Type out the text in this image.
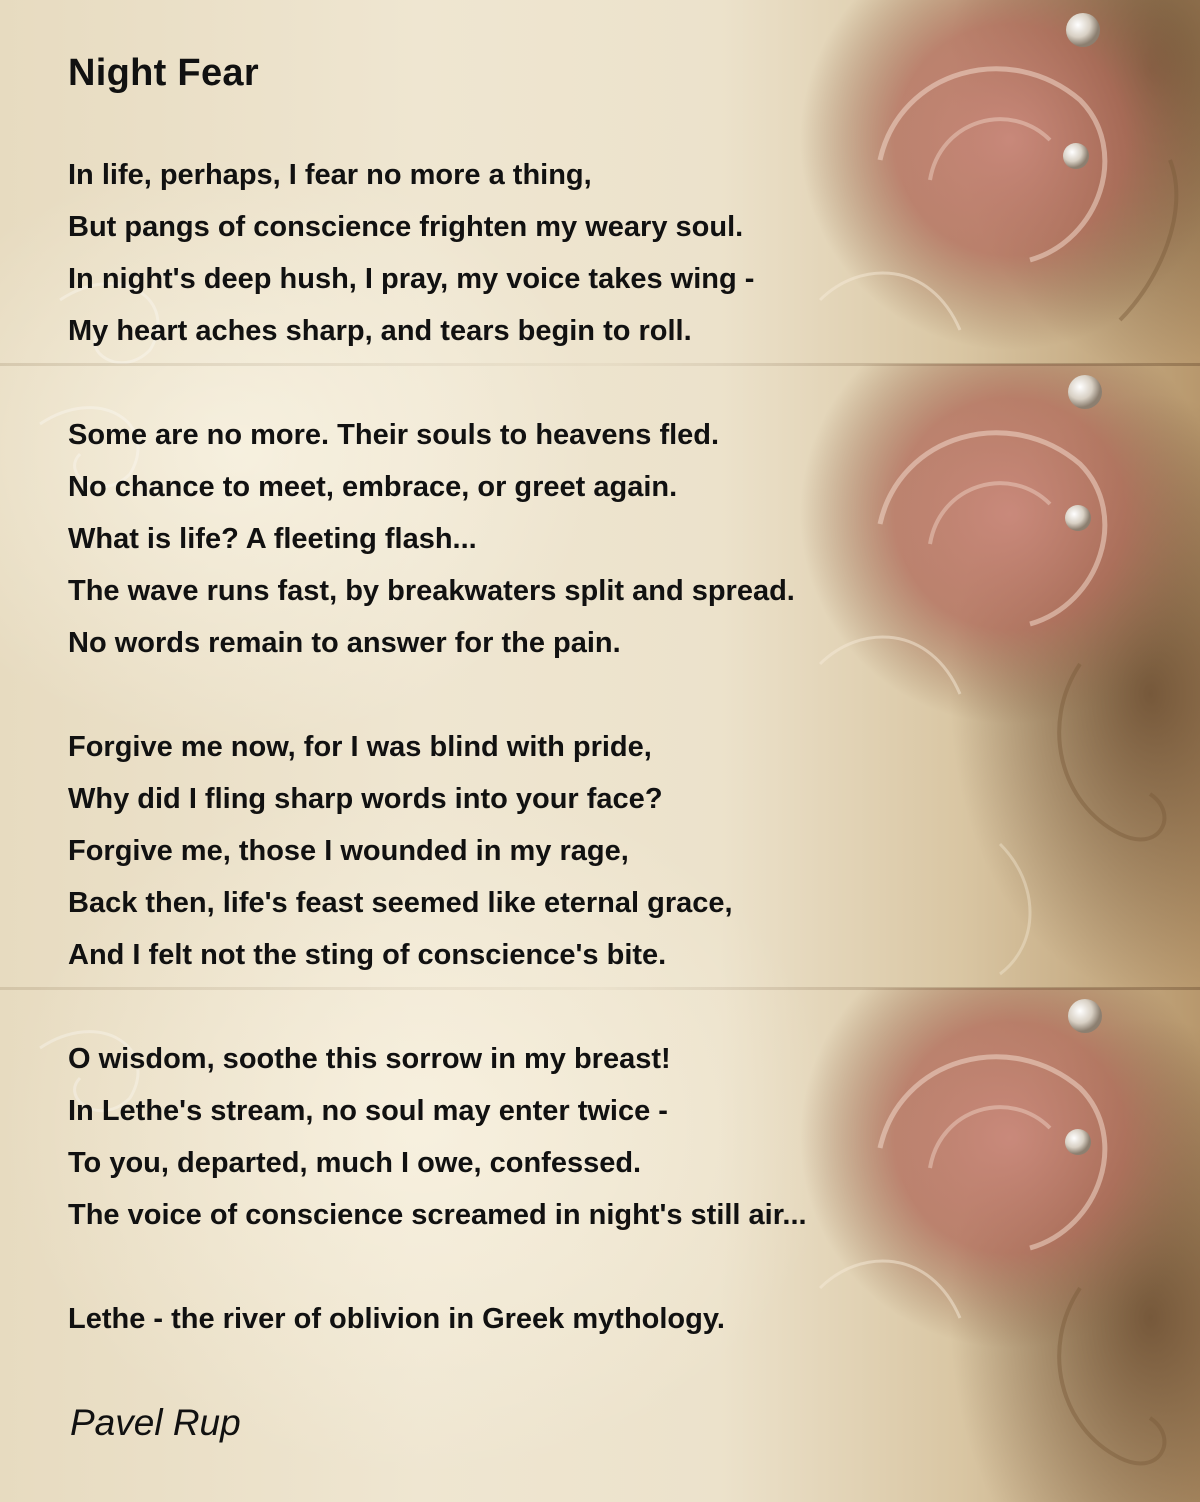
Night Fear
In life, perhaps, I fear no more a thing,
But pangs of conscience frighten my weary soul.
In night's deep hush, I pray, my voice takes wing -
My heart aches sharp, and tears begin to roll.
Some are no more. Their souls to heavens fled.
No chance to meet, embrace, or greet again.
What is life? A fleeting flash...
The wave runs fast, by breakwaters split and spread.
No words remain to answer for the pain.
Forgive me now, for I was blind with pride,
Why did I fling sharp words into your face?
Forgive me, those I wounded in my rage,
Back then, life's feast seemed like eternal grace,
And I felt not the sting of conscience's bite.
O wisdom, soothe this sorrow in my breast!
In Lethe's stream, no soul may enter twice -
To you, departed, much I owe, confessed.
The voice of conscience screamed in night's still air...
Lethe - the river of oblivion in Greek mythology.
Pavel Rup
